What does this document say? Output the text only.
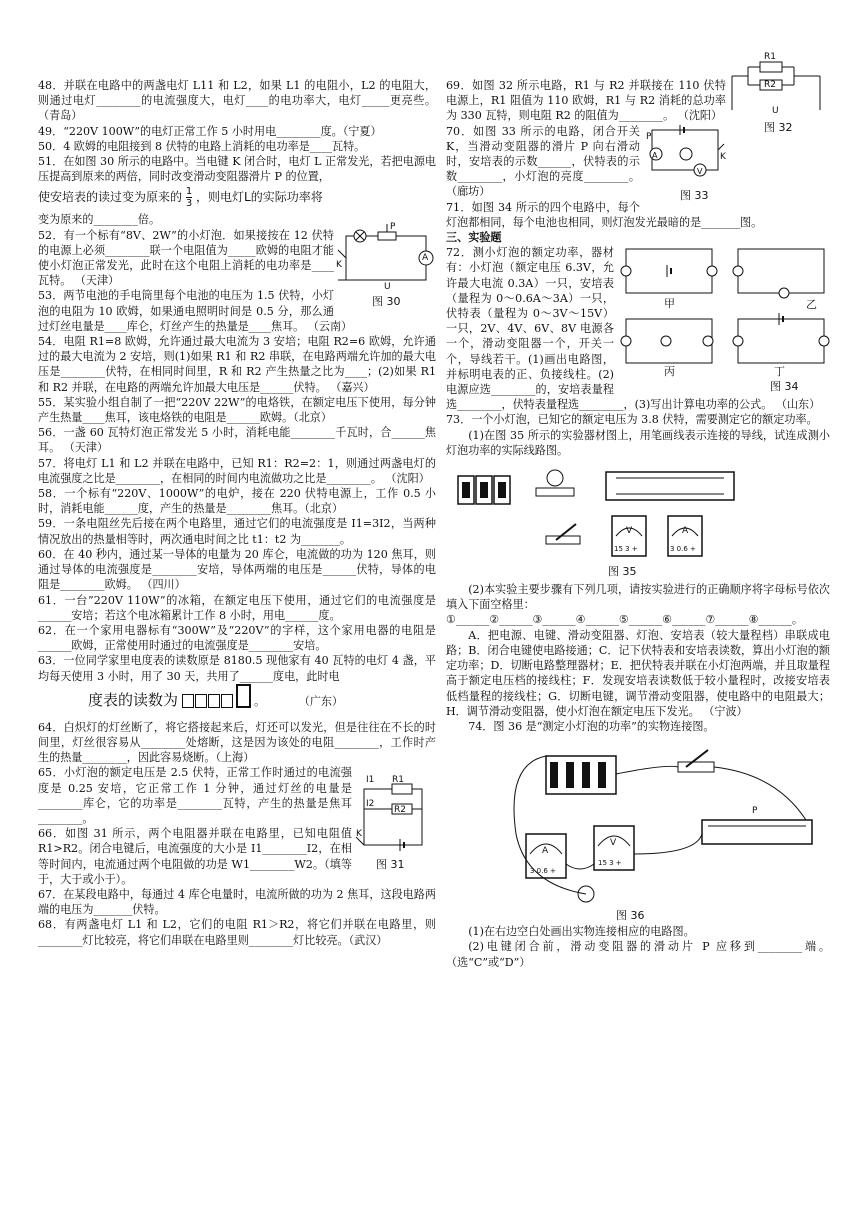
48．并联在电路中的两盏电灯 L11 和 L2，如果 L1 的电阻小，L2 的电阻大，则通过电灯________的电流强度大，电灯____的电功率大，电灯_____更亮些。 （青岛）

49．“220V 100W”的电灯正常工作 5 小时用电________度。（宁夏）

50．4 欧姆的电阻接到 8 伏特的电路上消耗的电功率是____瓦特。

51．在如图 30 所示的电路中。当电键 K 闭合时，电灯 L 正常发光，若把电源电压提高到原来的两倍，同时改变滑动变阻器滑片 P 的位置，

使安培表的读过变为原来的 $\frac{1}{3}$ ，则电灯L的实际功率将

变为原来的________倍。

P
A
K
U
图 30

52．有一个标有“8V、2W”的小灯泡．如果接按在 12 伏特的电源上必须________联一个电阻值为_____欧姆的电阻才能使小灯泡正常发光，此时在这个电阻上消耗的电功率是____瓦特。 （天津）

53．两节电池的手电筒里每个电池的电压为 1.5 伏特，小灯泡的电阻为 10 欧姆，如果通电照明时间是 0.5 分，那么通过灯丝电量是____库仑，灯丝产生的热量是____焦耳。 （云南）

54．电阻 R1=8 欧姆，允许通过最大电流为 3 安培；电阻 R2=6 欧姆，允许通过的最大电流为 2 安培，则(1)如果 R1 和 R2 串联，在电路两端允许加的最大电压是________伏特，在相同时间里，R 和 R2 产生热量之比为____；(2)如果 R1 和 R2 并联，在电路的两端允许加最大电压是______伏特。 （嘉兴）

55．某实验小组自制了一把“220V 22W”的电烙铁，在额定电压下使用，每分钟产生热量____焦耳，该电烙铁的电阻是______欧姆。（北京）

56．一盏 60 瓦特灯泡正常发光 5 小时，消耗电能________千瓦时，合______焦耳。 （天津）

57．将电灯 L1 和 L2 并联在电路中，已知 R1：R2=2：1，则通过两盏电灯的电流强度之比是________，在相同的时间内电流做功之比是________。 （沈阳）

58．一个标有“220V、1000W”的电炉，接在 220 伏特电源上，工作 0.5 小时，消耗电能______度，产生的热量是________焦耳。（北京）

59．一条电阻丝先后接在两个电路里，通过它们的电流强度是 I1=3I2，当两种情况放出的热量相等时，两次通电时间之比 t1：t2 为_______。

60．在 40 秒内，通过某一导体的电量为 20 库仑，电流做的功为 120 焦耳，则通过导体的电流强度是________安培，导体两端的电压是______伏特，导体的电阻是________欧姆。 （四川）

61．一台”220V 110W”的冰箱，在额定电压下使用，通过它们的电流强度是______安培；若这个电冰箱累计工作 8 小时，用电______度。

62．在一个家用电器标有“300W”及“220V”的字样，这个家用电器的电阻是______欧姆，正常使用时通过的电流强度是________安培。

63．一位同学家里电度表的读数原是 8180.5 现他家有 40 瓦特的电灯 4 盏，平均每天使用 3 小时，用了 30 天，共用了______度电，此时电

度表的读数为	。	（广东）

64．白炽灯的灯丝断了，将它搭接起来后，灯还可以发光，但是往往在不长的时间里，灯丝很容易从________处熔断，这是因为该处的电阻________，工作时产生的热量________，因此容易烧断。（上海）

I1 R1
I2
R2
K
图 31

65．小灯泡的额定电压是 2.5 伏特，正常工作时通过的电流强度是 0.25 安培，它正常工作 1 分钟，通过灯丝的电量是________库仑，它的功率是________瓦特，产生的热量是焦耳________。

66．如图 31 所示，两个电阻器并联在电路里，已知电阻值 R1>R2。闭合电键后，电流强度的大小是 I1________I2，在相等时间内，电流通过两个电阻做的功是 W1________W2。（填等于，大于或小于）。

67．在某段电路中，每通过 4 库仑电量时，电流所做的功为 2 焦耳，这段电路两端的电压为_______伏特。

68．有两盏电灯 L1 和 L2，它们的电阻 R1＞R2，将它们并联在电路里，则________灯比较亮，将它们串联在电路里则________灯比较亮。（武汉）

R1
R2
U
图 32

69．如图 32 所示电路，R1 与 R2 并联接在 110 伏特电源上，R1 阻值为 110 欧姆，R1 与 R2 消耗的总功率为 330 瓦特，则电阻 R2 的阻值为________。 （沈阳）

P
A
V
K
图 33

70．如图 33 所示的电路，闭合开关 K，当滑动变阻器的滑片 P 向右滑动时，安培表的示数______，伏特表的示数________，小灯泡的亮度________。 （廊坊）

71．如图 34 所示的四个电路中，每个灯泡都相同，每个电池也相同，则灯泡发光最暗的是_______图。

三、实验题

甲	乙
丙	丁
图 34

72．测小灯泡的额定功率，器材有：小灯泡（额定电压 6.3V，允许最大电流 0.3A）一只，安培表（量程为 0～0.6A～3A）一只，伏特表（量程为 0～3V～15V）一只，2V、4V、6V、8V 电源各一个，滑动变阻器一个，开关一个，导线若干。(1)画出电路图，并标明电表的正、负接线柱。(2)电源应选________的，安培表量程选________，伏特表量程选________，(3)写出计算电功率的公式。 （山东）

73．一个小灯泡，已知它的额定电压为 3.8 伏特，需要测定它的额定功率。

(1)在图 35 所示的实验器材图上，用笔画线表示连接的导线，试连成测小灯泡功率的实际线路图。

V	A
15 3 +	3 0.6 +
图 35

(2)本实验主要步骤有下列几项，请按实验进行的正确顺序将字母标号依次填入下面空格里：

①______②______③______④______⑤______⑥______⑦______⑧______。

A．把电源、电键、滑动变阻器、灯泡、安培表（较大量程档）串联成电路；B．闭合电键使电路接通；C．记下伏特表和安培表读数，算出小灯泡的额定功率；D．切断电路整理器材；E．把伏特表并联在小灯泡两端，并且取量程高于额定电压档的接线柱；F．发现安培表读数低于较小量程时，改接安培表低档量程的接线柱；G．切断电键，调节滑动变阻器，使电路中的电阻最大；H．调节滑动变阻器，使小灯泡在额定电压下发光。 （宁波）

74．图 36 是“测定小灯泡的功率”的实物连接图。

P
A
V
3 0.6 +
15 3 +
图 36

(1)在右边空白处画出实物连接相应的电路图。

(2)电键闭合前，滑动变阻器的滑动片 P 应移到________端。（选“C”或“D”）
